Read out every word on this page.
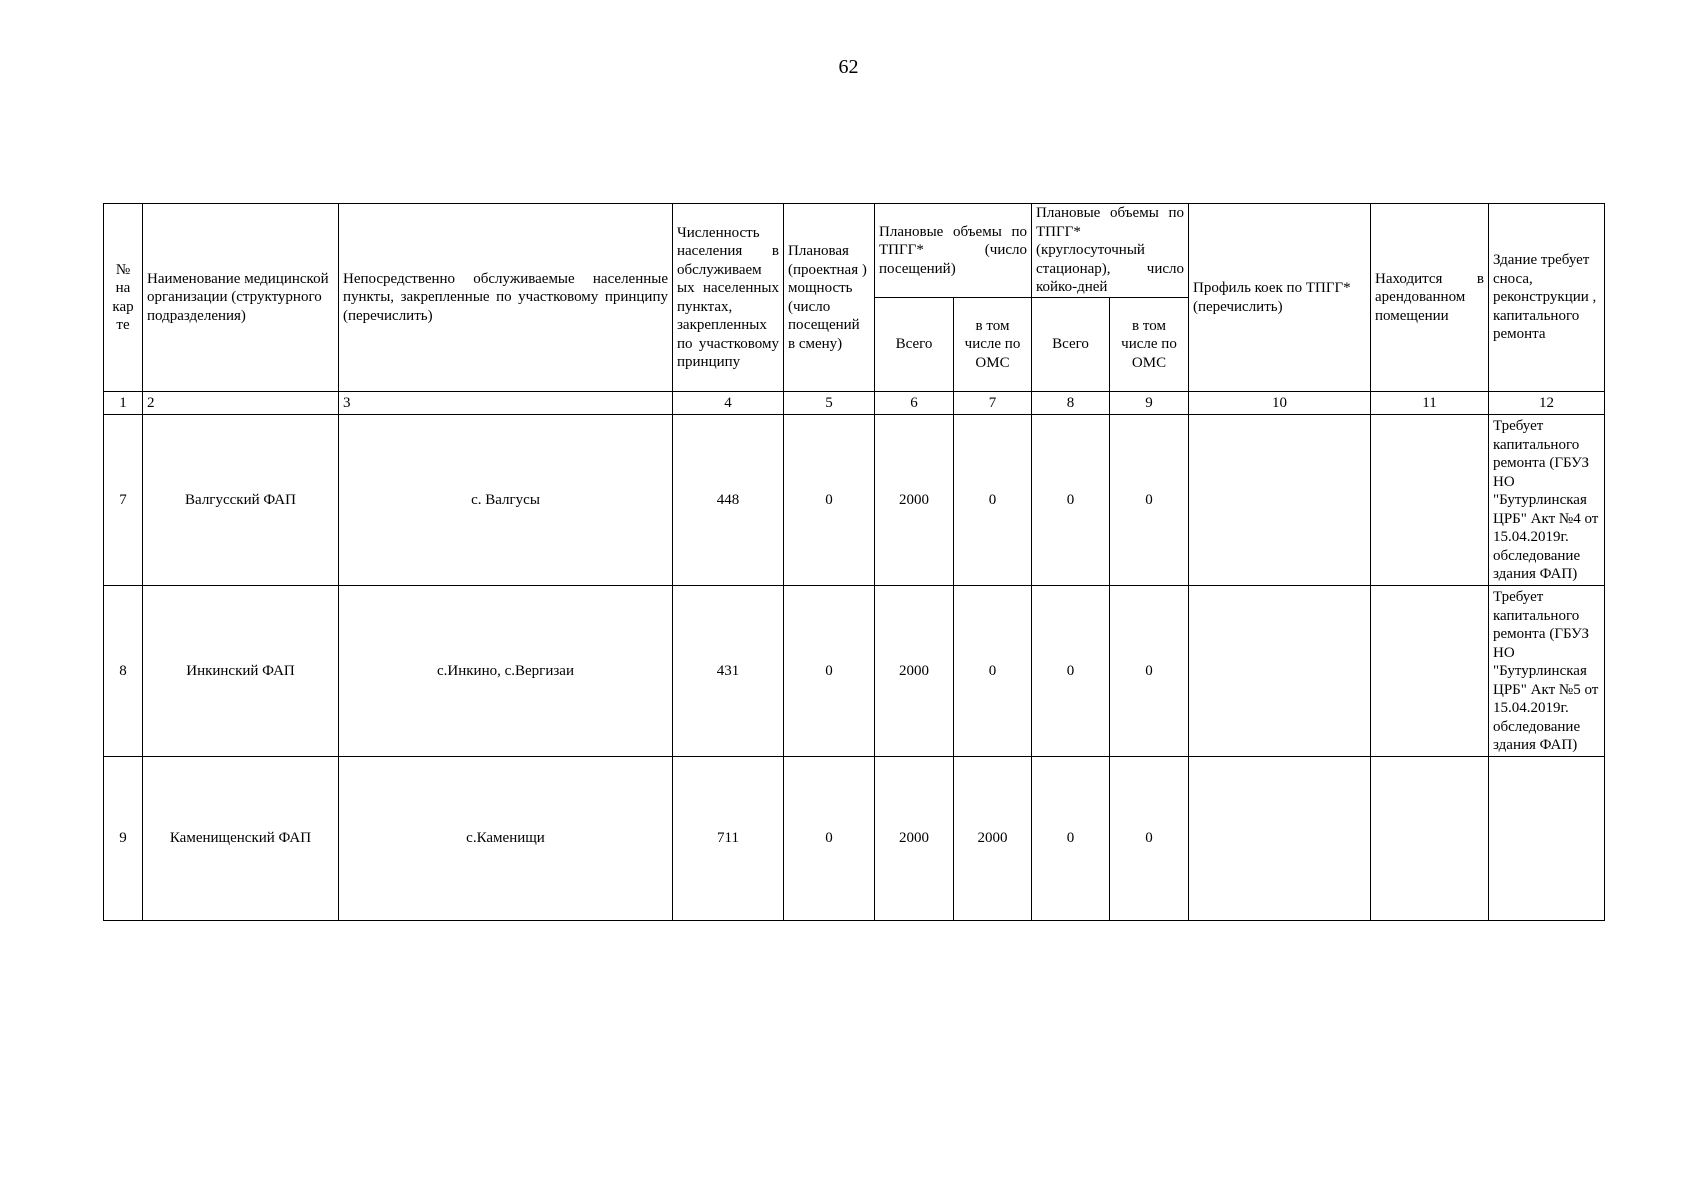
62
№ на кар те	Наименование медицинской организации (структурного подразделения)	Непосредственно обслуживаемые населенные пункты, закрепленные по участковому принципу (перечислить)	Численность населения в обслуживаем ых населенных пунктах, закрепленных по участковому принципу	Плановая (проектная ) мощность (число посещений в смену)	Плановые объемы по ТПГГ* (число посещений)		Плановые объемы по ТПГГ* (круглосуточный стационар), число койко-дней		Профиль коек по ТПГГ* (перечислить)	Находится в арендованном помещении	Здание требует сноса, реконструкции , капитального ремонта
					Всего	в том числе по ОМС	Всего	в том числе по ОМС			
1	2	3	4	5	6	7	8	9	10	11	12
7	Валгусский ФАП	с. Валгусы	448	0	2000	0	0	0			Требует капитального ремонта (ГБУЗ НО "Бутурлинская ЦРБ" Акт №4 от 15.04.2019г. обследование здания ФАП)
8	Инкинский ФАП	с.Инкино, с.Вергизаи	431	0	2000	0	0	0			Требует капитального ремонта (ГБУЗ НО "Бутурлинская ЦРБ" Акт №5 от 15.04.2019г. обследование здания ФАП)
9	Каменищенский ФАП	с.Каменищи	711	0	2000	2000	0	0			
